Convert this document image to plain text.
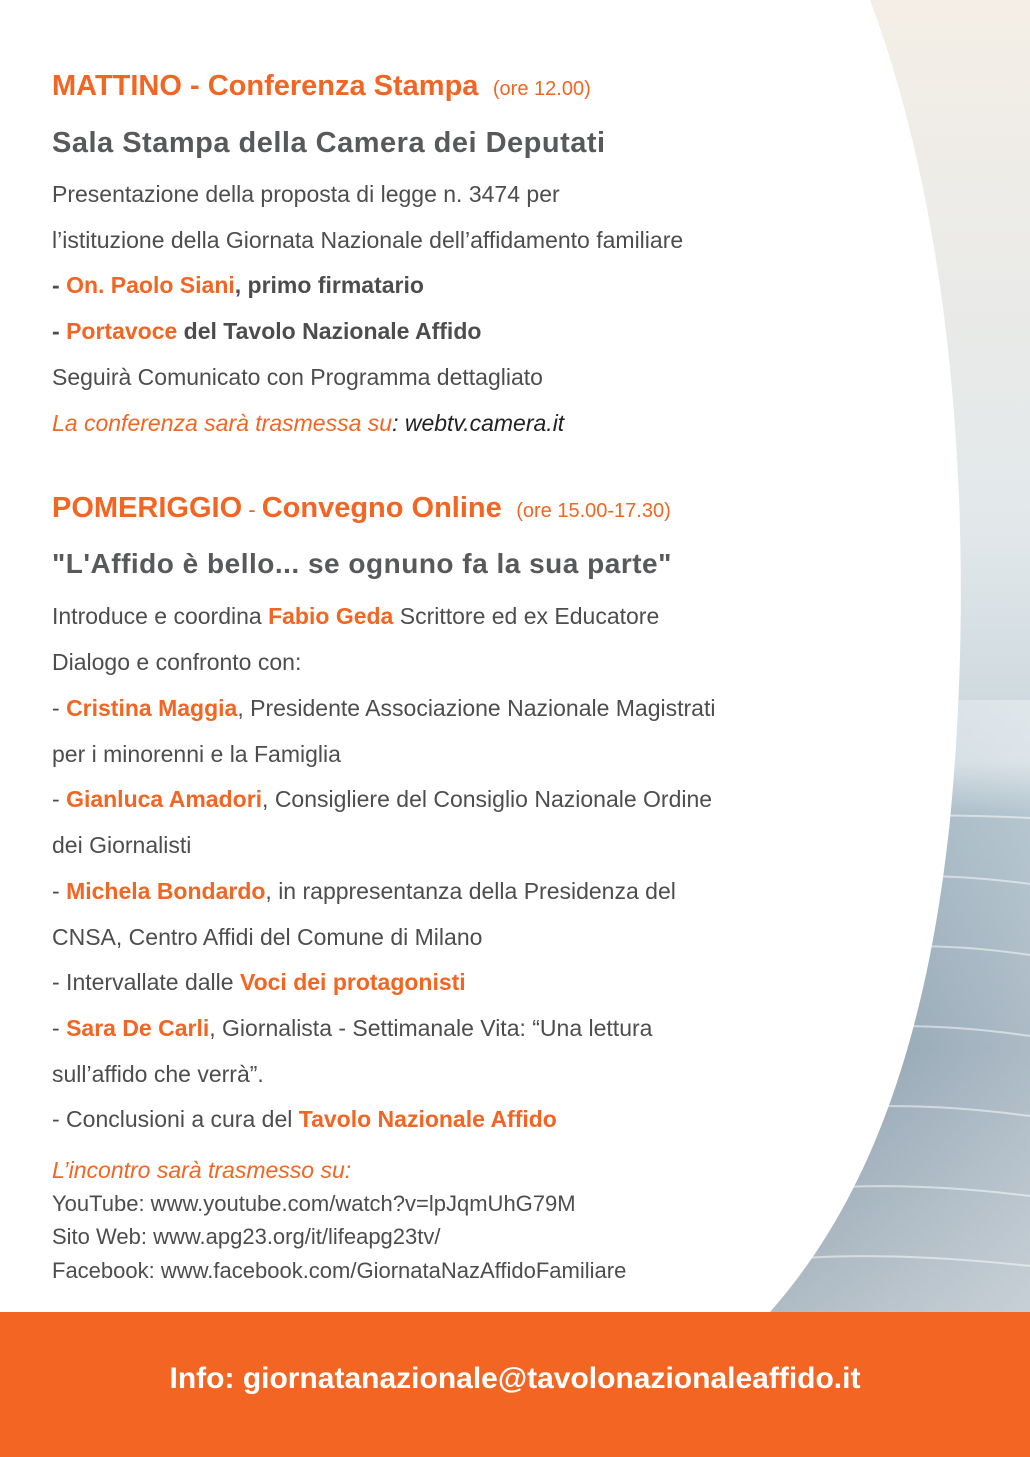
MATTINO - Conferenza Stampa (ore 12.00)
Sala Stampa della Camera dei Deputati
Presentazione della proposta di legge n. 3474 per
l’istituzione della Giornata Nazionale dell’affidamento familiare
- On. Paolo Siani, primo firmatario
- Portavoce del Tavolo Nazionale Affido
Seguirà Comunicato con Programma dettagliato
La conferenza sarà trasmessa su: webtv.camera.it
POMERIGGIO - Convegno Online (ore 15.00-17.30)
"L'Affido è bello... se ognuno fa la sua parte"
Introduce e coordina Fabio Geda Scrittore ed ex Educatore
Dialogo e confronto con:
- Cristina Maggia, Presidente Associazione Nazionale Magistrati
per i minorenni e la Famiglia
- Gianluca Amadori, Consigliere del Consiglio Nazionale Ordine
dei Giornalisti
- Michela Bondardo, in rappresentanza della Presidenza del
CNSA, Centro Affidi del Comune di Milano
- Intervallate dalle Voci dei protagonisti
- Sara De Carli, Giornalista - Settimanale Vita: “Una lettura
sull’affido che verrà”.
- Conclusioni a cura del Tavolo Nazionale Affido
L’incontro sarà trasmesso su:
YouTube: www.youtube.com/watch?v=lpJqmUhG79M
Sito Web: www.apg23.org/it/lifeapg23tv/
Facebook: www.facebook.com/GiornataNazAffidoFamiliare
Info: giornatanazionale@tavolonazionaleaffido.it
